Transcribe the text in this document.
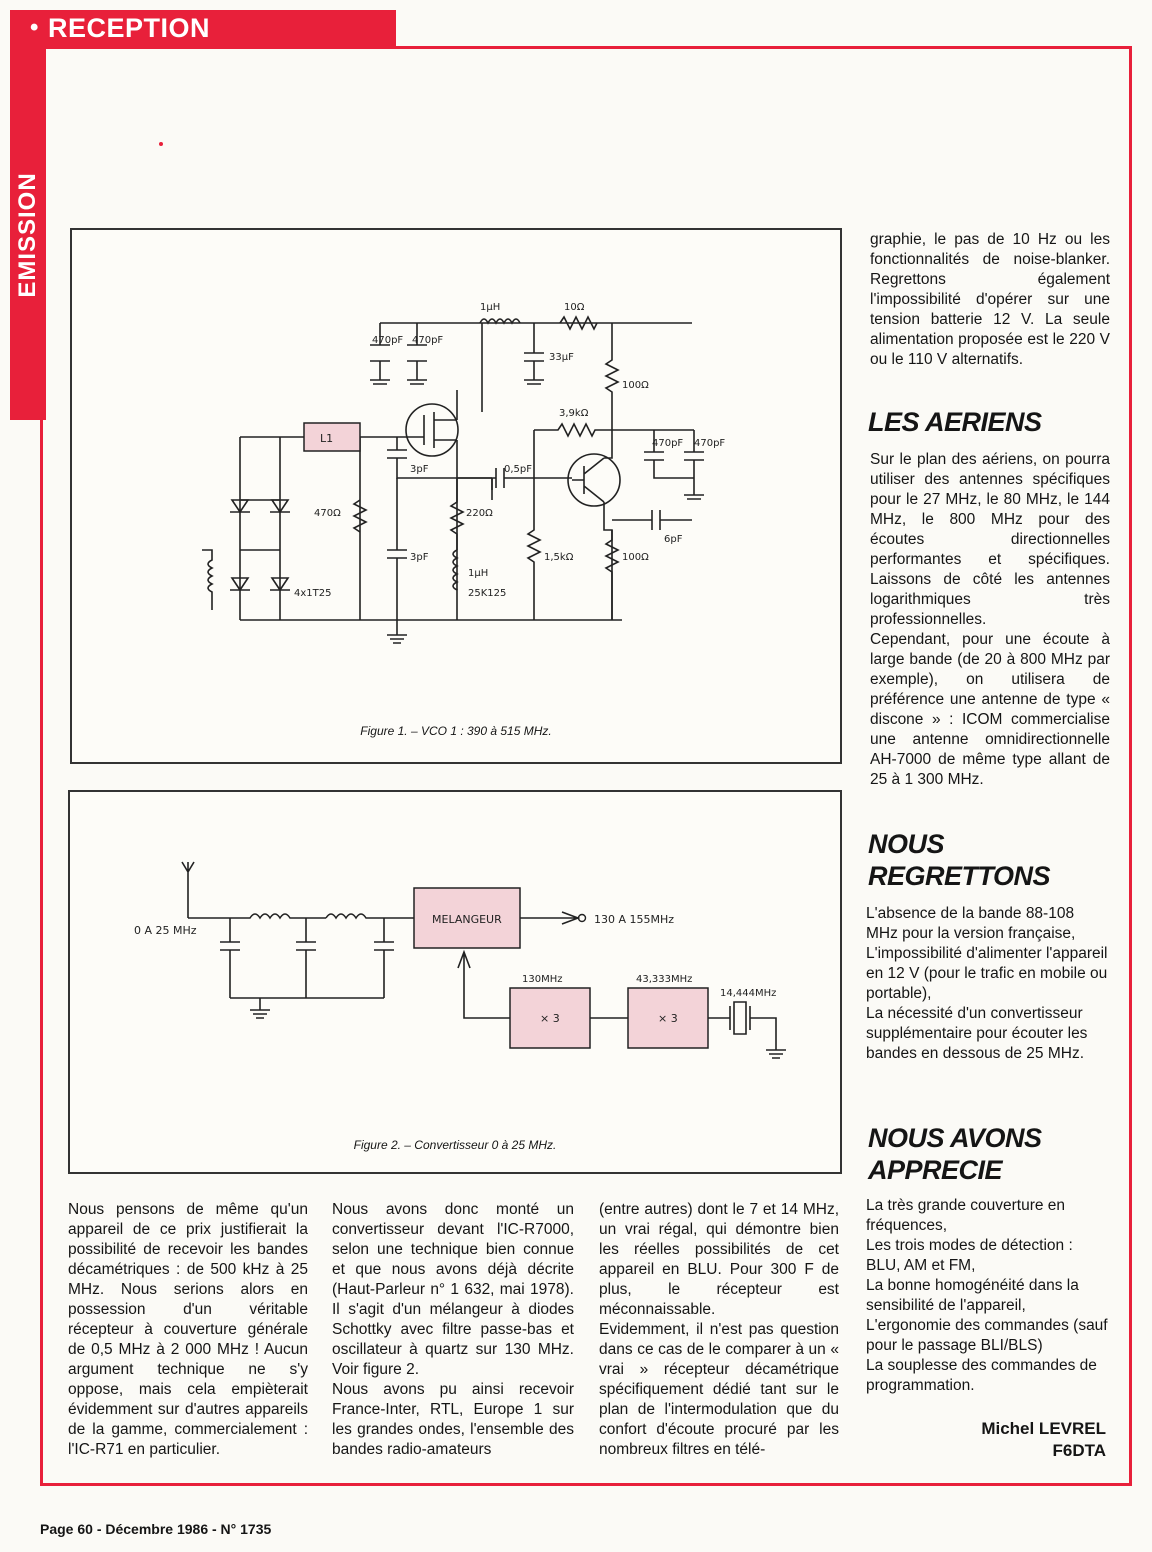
EMISSION
• RECEPTION
L1
1µH	10Ω
470pF 470pF
33µF
100Ω
3,9kΩ
470pF 470pF
3pF	0,5pF
470Ω	220Ω
6pF
3pF	1,5kΩ	100Ω
1µH
25K125
4x1T25
Figure 1. – VCO 1 : 390 à 515 MHz.
0 A 25 MHz
MELANGEUR	130 A 155MHz
130MHz
× 3
43,333MHz
× 3
14,444MHz
Figure 2. – Convertisseur 0 à 25 MHz.

Nous pensons de même qu'un appareil de ce prix justifierait la possibilité de recevoir les bandes décamétriques : de 500 kHz à 25 MHz. Nous serions alors en possession d'un véritable récepteur à couverture générale de 0,5 MHz à 2 000 MHz ! Aucun argument technique ne s'y oppose, mais cela empièterait évidemment sur d'autres appareils de la gamme, commercialement : l'IC-R71 en particulier.

Nous avons donc monté un convertisseur devant l'IC-R7000, selon une technique bien connue et que nous avons déjà décrite (Haut-Parleur n° 1 632, mai 1978). Il s'agit d'un mélangeur à diodes Schottky avec filtre passe-bas et oscillateur à quartz sur 130 MHz. Voir figure 2.

Nous avons pu ainsi recevoir France-Inter, RTL, Europe 1 sur les grandes ondes, l'ensemble des bandes radio-amateurs

(entre autres) dont le 7 et 14 MHz, un vrai régal, qui démontre bien les réelles possibilités de cet appareil en BLU. Pour 300 F de plus, le récepteur est méconnaissable.

Evidemment, il n'est pas question dans ce cas de le comparer à un « vrai » récepteur décamétrique spécifiquement dédié tant sur le plan de l'intermodulation que du confort d'écoute procuré par les nombreux filtres en télé-

graphie, le pas de 10 Hz ou les fonctionnalités de noise-blanker. Regrettons également l'impossibilité d'opérer sur une tension batterie 12 V. La seule alimentation proposée est le 220 V ou le 110 V alternatifs.

LES AERIENS

Sur le plan des aériens, on pourra utiliser des antennes spécifiques pour le 27 MHz, le 80 MHz, le 144 MHz, le 800 MHz pour des écoutes directionnelles performantes et spécifiques. Laissons de côté les antennes logarithmiques très professionnelles.

Cependant, pour une écoute à large bande (de 20 à 800 MHz par exemple), on utilisera de préférence une antenne de type « discone » : ICOM commercialise une antenne omnidirectionnelle AH-7000 de même type allant de 25 à 1 300 MHz.

NOUS REGRETTONS

L'absence de la bande 88-108 MHz pour la version française,

L'impossibilité d'alimenter l'appareil en 12 V (pour le trafic en mobile ou portable),

La nécessité d'un convertisseur supplémentaire pour écouter les bandes en dessous de 25 MHz.

NOUS AVONS APPRECIE

La très grande couverture en fréquences,

Les trois modes de détection : BLU, AM et FM,

La bonne homogénéité dans la sensibilité de l'appareil,

L'ergonomie des commandes (sauf pour le passage BLI/BLS)

La souplesse des commandes de programmation.

Michel LEVREL

F6DTA

Page 60 - Décembre 1986 - N° 1735
